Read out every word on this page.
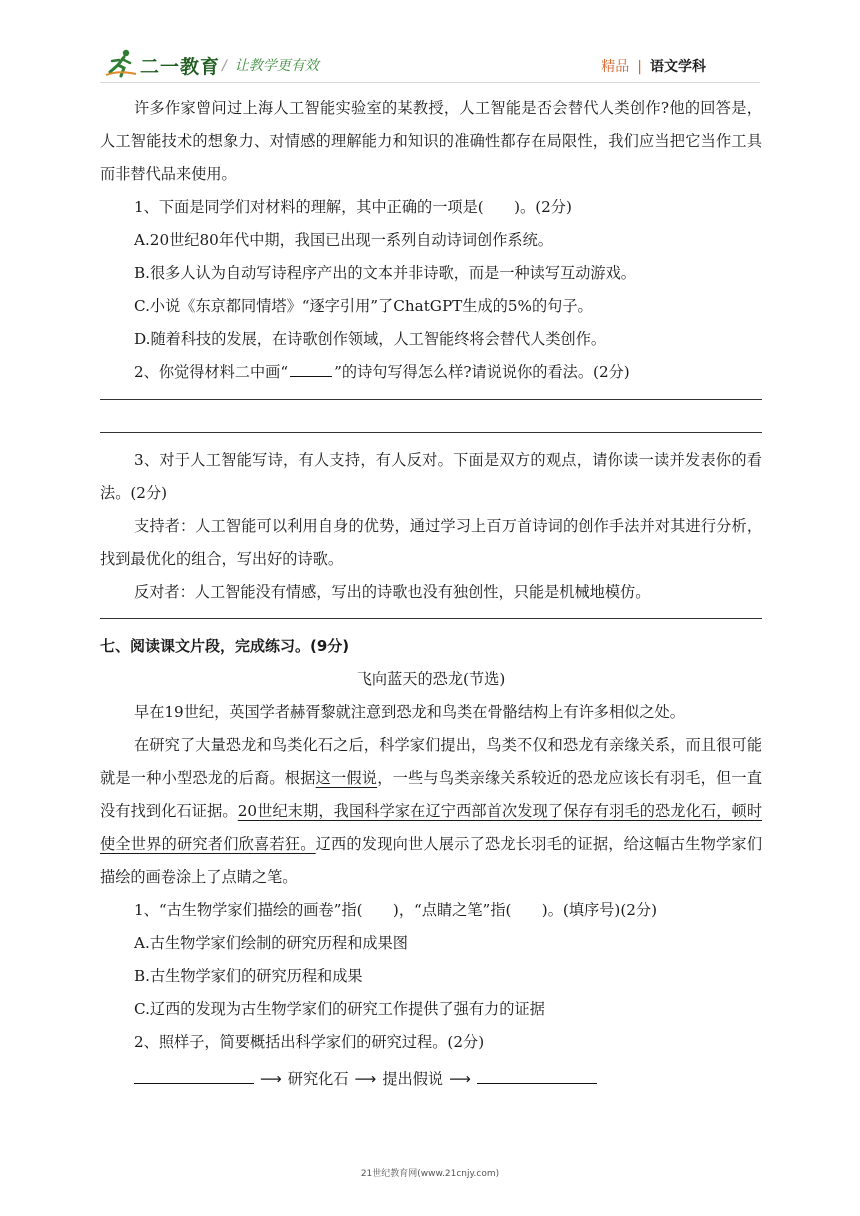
二一教育 / 让教学更有效	精品 | 语文学科

许多作家曾问过上海人工智能实验室的某教授，人工智能是否会替代人类创作?他的回答是，人工智能技术的想象力、对情感的理解能力和知识的准确性都存在局限性，我们应当把它当作工具而非替代品来使用。

1、下面是同学们对材料的理解，其中正确的一项是(　　)。(2分)

A.20世纪80年代中期，我国已出现一系列自动诗词创作系统。

B.很多人认为自动写诗程序产出的文本并非诗歌，而是一种读写互动游戏。

C.小说《东京都同情塔》“逐字引用”了ChatGPT生成的5%的句子。

D.随着科技的发展，在诗歌创作领域，人工智能终将会替代人类创作。

2、你觉得材料二中画“	”的诗句写得怎么样?请说说你的看法。(2分)

3、对于人工智能写诗，有人支持，有人反对。下面是双方的观点，请你读一读并发表你的看法。(2分)

支持者：人工智能可以利用自身的优势，通过学习上百万首诗词的创作手法并对其进行分析，找到最优化的组合，写出好的诗歌。

反对者：人工智能没有情感，写出的诗歌也没有独创性，只能是机械地模仿。

七、阅读课文片段，完成练习。(9分)

飞向蓝天的恐龙(节选)

早在19世纪，英国学者赫胥黎就注意到恐龙和鸟类在骨骼结构上有许多相似之处。

在研究了大量恐龙和鸟类化石之后，科学家们提出，鸟类不仅和恐龙有亲缘关系，而且很可能就是一种小型恐龙的后裔。根据这一假说，一些与鸟类亲缘关系较近的恐龙应该长有羽毛，但一直没有找到化石证据。20世纪末期，我国科学家在辽宁西部首次发现了保存有羽毛的恐龙化石，顿时使全世界的研究者们欣喜若狂。辽西的发现向世人展示了恐龙长羽毛的证据，给这幅古生物学家们描绘的画卷涂上了点睛之笔。

1、“古生物学家们描绘的画卷”指(　　)，“点睛之笔”指(　　)。(填序号)(2分)

A.古生物学家们绘制的研究历程和成果图

B.古生物学家们的研究历程和成果

C.辽西的发现为古生物学家们的研究工作提供了强有力的证据

2、照样子，简要概括出科学家们的研究过程。(2分)

⟶ 研究化石 ⟶ 提出假说 ⟶

21世纪教育网(www.21cnjy.com)
